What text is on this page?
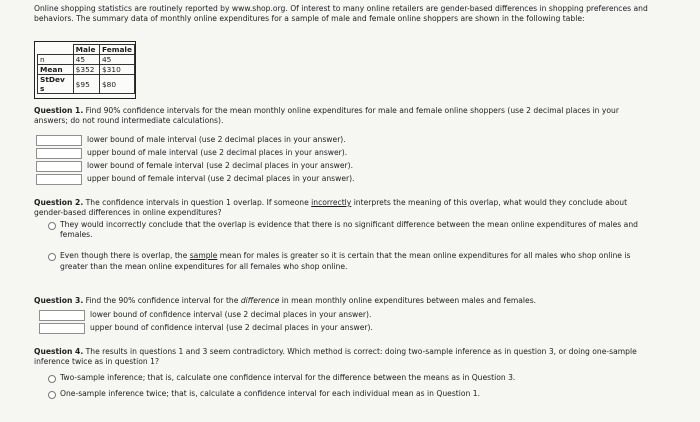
Online shopping statistics are routinely reported by www.shop.org. Of interest to many online retailers are gender-based differences in shopping preferences and
behaviors. The summary data of monthly online expenditures for a sample of male and female online shoppers are shown in the following table:
	Male	Female
n	45	45
Mean	$352	$310
StDev s	$95	$80
Question 1. Find 90% confidence intervals for the mean monthly online expenditures for male and female online shoppers (use 2 decimal places in your
answers; do not round intermediate calculations).
lower bound of male interval (use 2 decimal places in your answer).
upper bound of male interval (use 2 decimal places in your answer).
lower bound of female interval (use 2 decimal places in your answer).
upper bound of female interval (use 2 decimal places in your answer).
Question 2. The confidence intervals in question 1 overlap. If someone incorrectly interprets the meaning of this overlap, what would they conclude about
gender-based differences in online expenditures?
They would incorrectly conclude that the overlap is evidence that there is no significant difference between the mean online expenditures of males and
females.
Even though there is overlap, the sample mean for males is greater so it is certain that the mean online expenditures for all males who shop online is
greater than the mean online expenditures for all females who shop online.
Question 3. Find the 90% confidence interval for the difference in mean monthly online expenditures between males and females.
lower bound of confidence interval (use 2 decimal places in your answer).
upper bound of confidence interval (use 2 decimal places in your answer).
Question 4. The results in questions 1 and 3 seem contradictory. Which method is correct: doing two-sample inference as in question 3, or doing one-sample
inference twice as in question 1?
Two-sample inference; that is, calculate one confidence interval for the difference between the means as in Question 3.
One-sample inference twice; that is, calculate a confidence interval for each individual mean as in Question 1.
